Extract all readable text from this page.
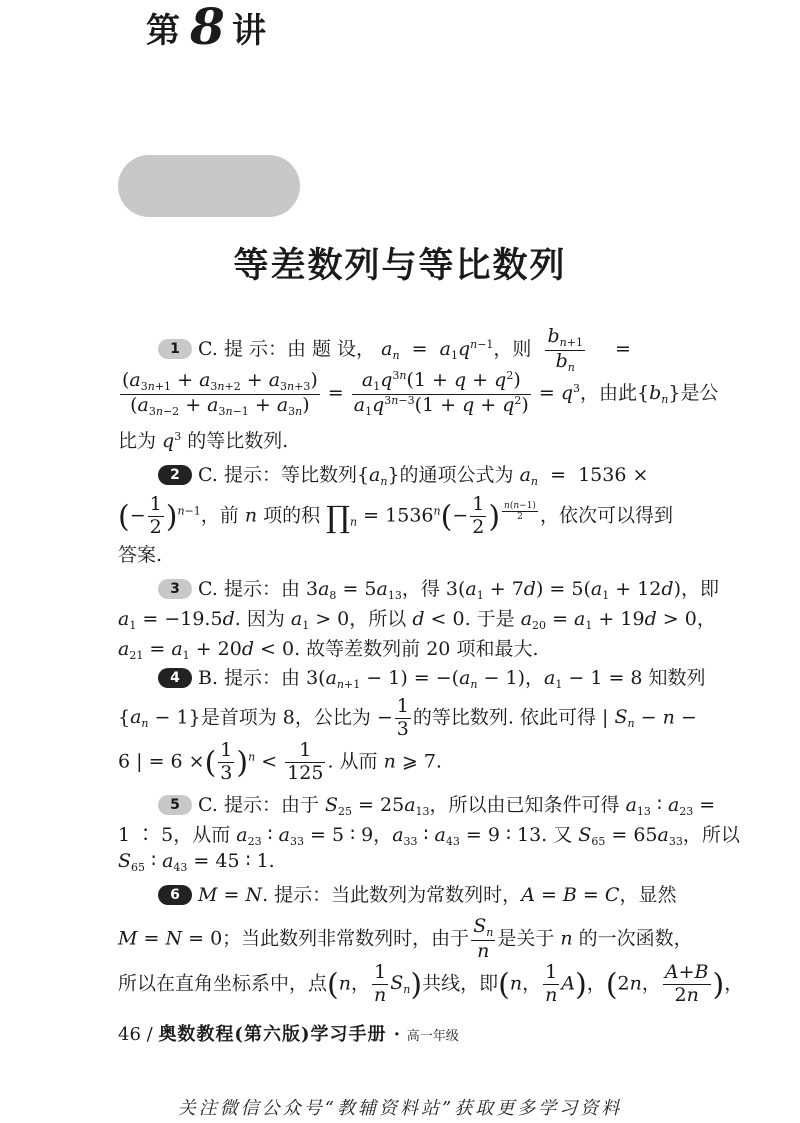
第 8 讲
等差数列与等比数列
1 C. 提 示：由 题 设， $a_n = a_1q^{n-1}$，则 $\frac{b_{n+1}}{b_n}$ =
$\frac{(a_{3n+1} + a_{3n+2} + a_{3n+3})}{(a_{3n-2} + a_{3n-1} + a_{3n})} = \frac{a_1q^{3n}(1 + q + q^2)}{a_1q^{3n-3}(1 + q + q^2)} = q^3$，由此$\{b_n\}$是公
比为 $q^3$ 的等比数列.
2 C. 提示：等比数列$\{a_n\}$的通项公式为 $a_n = 1536$ ×
(− $\frac{1}{2} )^{n-1}$，前 n 项的积 $\prod_n = 1536^n(- \frac{1}{2}$ ) $^{\frac{n(n-1)}{2}}$ ，依次可以得到
答案.
3 C. 提示：由 $3a_8 = 5a_{13}$，得 $3(a_1 + 7d) = 5(a_1 + 12d)$，即
$a_1 = -19.5d$. 因为 $a_1 > 0$，所以 d < 0. 于是 $a_{20} = a_1 + 19d > 0$，
$a_{21} = a_1 + 20d < 0$. 故等差数列前 20 项和最大.
4 B. 提示：由 $3(a_{n+1} - 1) = -(a_n - 1)$，$a_1 - 1 = 8$ 知数列
$\{a_n - 1\}$是首项为 8，公比为 − $\frac{1}{3}$ 的等比数列. 依此可得 | $S_n - n$ −
6 | = 6 ×( $\frac{1}{3} )^n < \frac{1}{125}$ . 从而 n ⩾ 7.
5 C. 提示：由于 $S_{25} = 25a_{13}$，所以由已知条件可得 $a_{13}$ ∶ $a_{23}$ =
1 ∶ 5，从而 $a_{23}$ ∶ $a_{33} = 5$ ∶ 9，$a_{33}$ ∶ $a_{43} = 9$ ∶ 13. 又 $S_{65} = 65a_{33}$，所以
$S_{65}$ ∶ $a_{43} = 45$ ∶ 1.
6 M = N. 提示：当此数列为常数列时，A = B = C，显然
M = N = 0；当此数列非常数列时，由于 $\frac{S_n}{n}$ 是关于 n 的一次函数，
所以在直角坐标系中，点(n， $\frac{1}{n} S_n$)共线，即(n， $\frac{1}{n} A$)，(2n， $\frac{A+B}{2n}$ )，
46 / 奥数教程(第六版)学习手册 · 高一年级
关注微信公众号“教辅资料站”获取更多学习资料
